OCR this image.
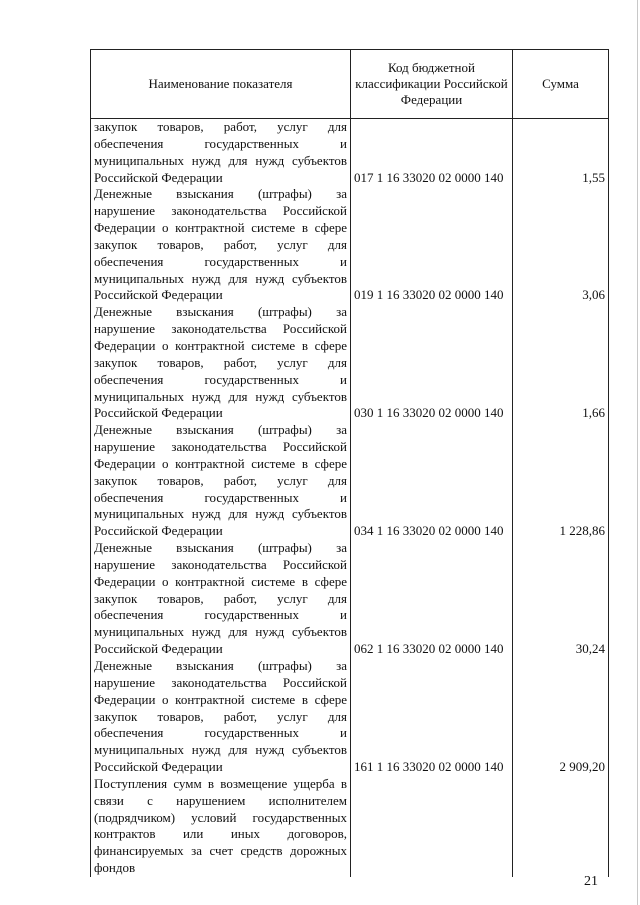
Наименование показателя	Код бюджетной классификации Российской Федерации	Сумма
закупок товаров, работ, услуг для обеспечения государственных и муниципальных нужд для нужд субъектов Российской Федерации	017 1 16 33020 02 0000 140	1,55
Денежные взыскания (штрафы) за нарушение законодательства Российской Федерации о контрактной системе в сфере закупок товаров, работ, услуг для обеспечения государственных и муниципальных нужд для нужд субъектов Российской Федерации	019 1 16 33020 02 0000 140	3,06
Денежные взыскания (штрафы) за нарушение законодательства Российской Федерации о контрактной системе в сфере закупок товаров, работ, услуг для обеспечения государственных и муниципальных нужд для нужд субъектов Российской Федерации	030 1 16 33020 02 0000 140	1,66
Денежные взыскания (штрафы) за нарушение законодательства Российской Федерации о контрактной системе в сфере закупок товаров, работ, услуг для обеспечения государственных и муниципальных нужд для нужд субъектов Российской Федерации	034 1 16 33020 02 0000 140	1 228,86
Денежные взыскания (штрафы) за нарушение законодательства Российской Федерации о контрактной системе в сфере закупок товаров, работ, услуг для обеспечения государственных и муниципальных нужд для нужд субъектов Российской Федерации	062 1 16 33020 02 0000 140	30,24
Денежные взыскания (штрафы) за нарушение законодательства Российской Федерации о контрактной системе в сфере закупок товаров, работ, услуг для обеспечения государственных и муниципальных нужд для нужд субъектов Российской Федерации	161 1 16 33020 02 0000 140	2 909,20
Поступления сумм в возмещение ущерба в связи с нарушением исполнителем (подрядчиком) условий государственных контрактов или иных договоров, финансируемых за счет средств дорожных фондов		
21
